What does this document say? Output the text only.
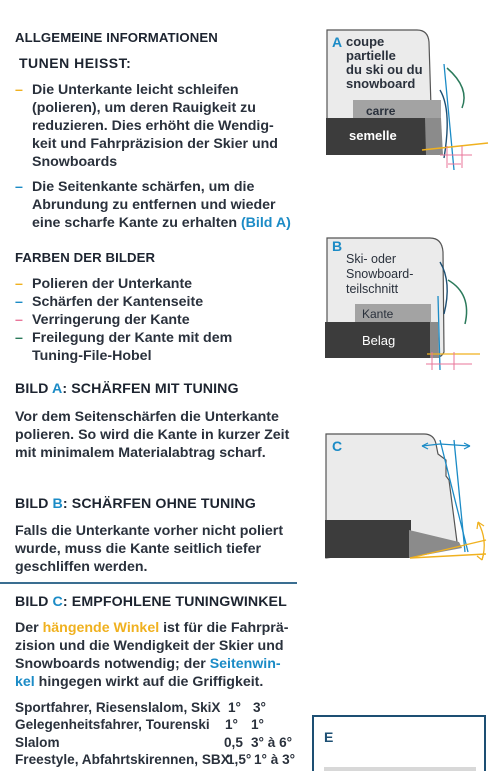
ALLGEMEINE INFORMATIONEN
TUNEN HEISST:
– Die Unterkante leicht schleifen (polieren), um deren Rauigkeit zu reduzieren. Dies erhöht die Wendig-keit und Fahrpräzision der Skier und Snowboards
– Die Seitenkante schärfen, um die Abrundung zu entfernen und wieder eine scharfe Kante zu erhalten (Bild A)
FARBEN DER BILDER
– Polieren der Unterkante
– Schärfen der Kantenseite
– Verringerung der Kante
– Freilegung der Kante mit dem Tuning-File-Hobel
BILD A: SCHÄRFEN MIT TUNING
Vor dem Seitenschärfen die Unterkante polieren. So wird die Kante in kurzer Zeit mit minimalem Materialabtrag scharf.
BILD B: SCHÄRFEN OHNE TUNING
Falls die Unterkante vorher nicht poliert wurde, muss die Kante seitlich tiefer geschliffen werden.
BILD C: EMPFOHLENE TUNINGWINKEL
Der hängende Winkel ist für die Fahrprä-zision und die Wendigkeit der Skier und Snowboards notwendig; der Seitenwin-kel hingegen wirkt auf die Griffigkeit.
Sportfahrer, Riesenslalom, SkiX 1° 3°
Gelegenheitsfahrer, Tourenski 1° 1°
Slalom	0,5 3° à 6°
Freestyle, Abfahrtskirennen, SBX
1,5° 1° à 3°
A coupe
partielle
du ski ou du
snowboard
carre
semelle
B
Ski- oder
Snowboard-
teilschnitt
Kante
Belag
C
E
